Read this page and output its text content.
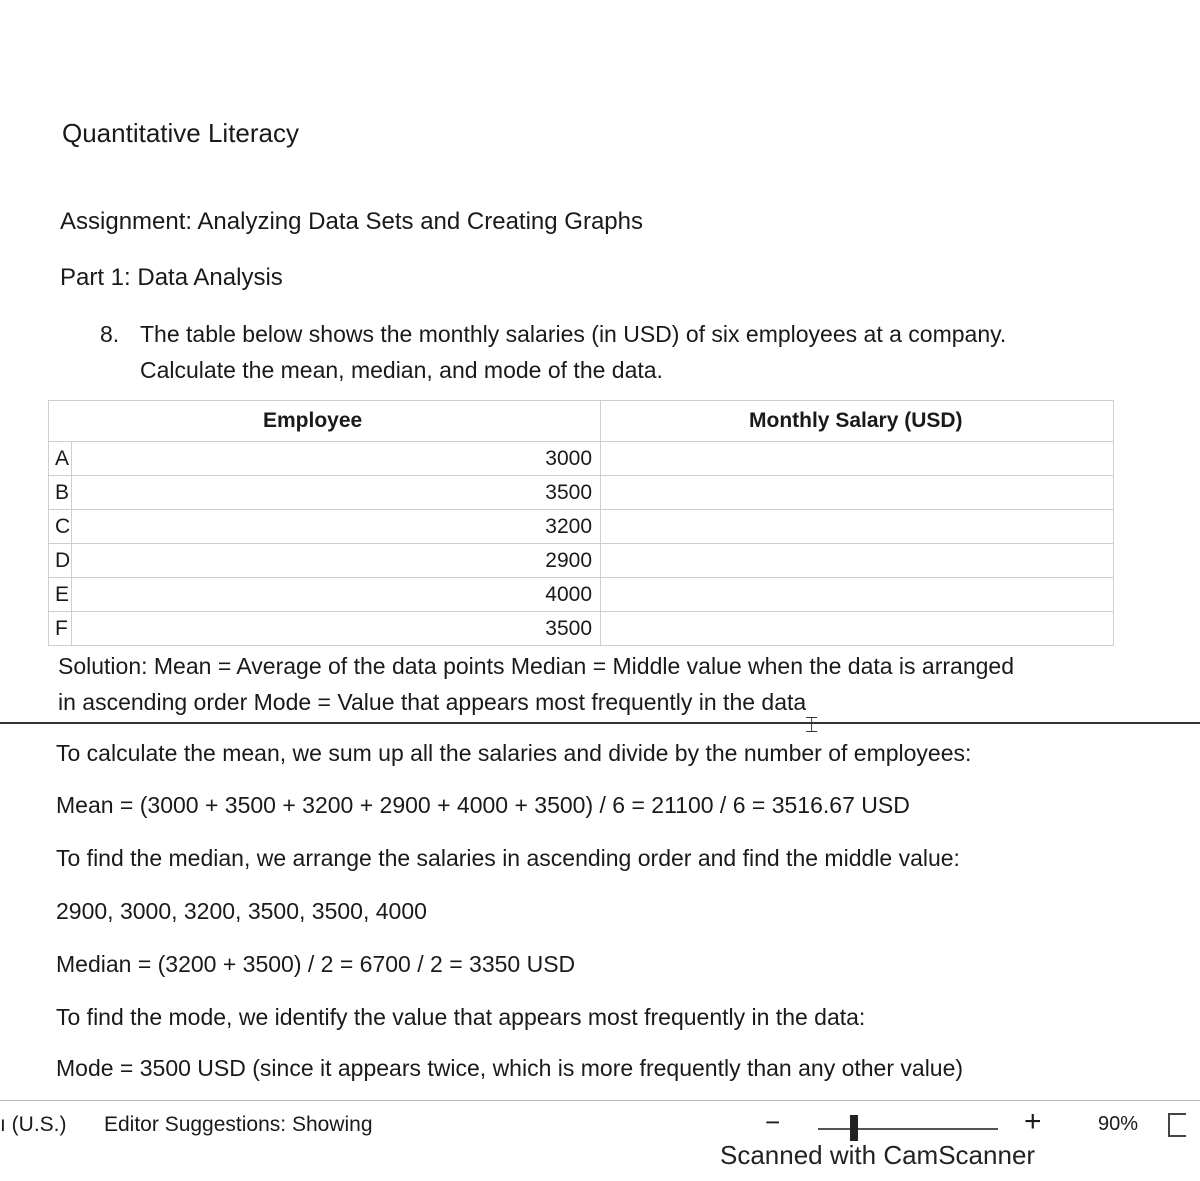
Quantitative Literacy
Assignment: Analyzing Data Sets and Creating Graphs
Part 1: Data Analysis
8. The table below shows the monthly salaries (in USD) of six employees at a company.
Calculate the mean, median, and mode of the data.
Employee		Monthly Salary (USD)
A	3000	
B	3500	
C	3200	
D	2900	
E	4000	
F	3500	
Solution: Mean = Average of the data points Median = Middle value when the data is arranged
in ascending order Mode = Value that appears most frequently in the data
⌶
To calculate the mean, we sum up all the salaries and divide by the number of employees:
Mean = (3000 + 3500 + 3200 + 2900 + 4000 + 3500) / 6 = 21100 / 6 = 3516.67 USD
To find the median, we arrange the salaries in ascending order and find the middle value:
2900, 3000, 3200, 3500, 3500, 4000
Median = (3200 + 3500) / 2 = 6700 / 2 = 3350 USD
To find the mode, we identify the value that appears most frequently in the data:
Mode = 3500 USD (since it appears twice, which is more frequently than any other value)
ı (U.S.) Editor Suggestions: Showing	−	+	90%
Scanned with CamScanner
